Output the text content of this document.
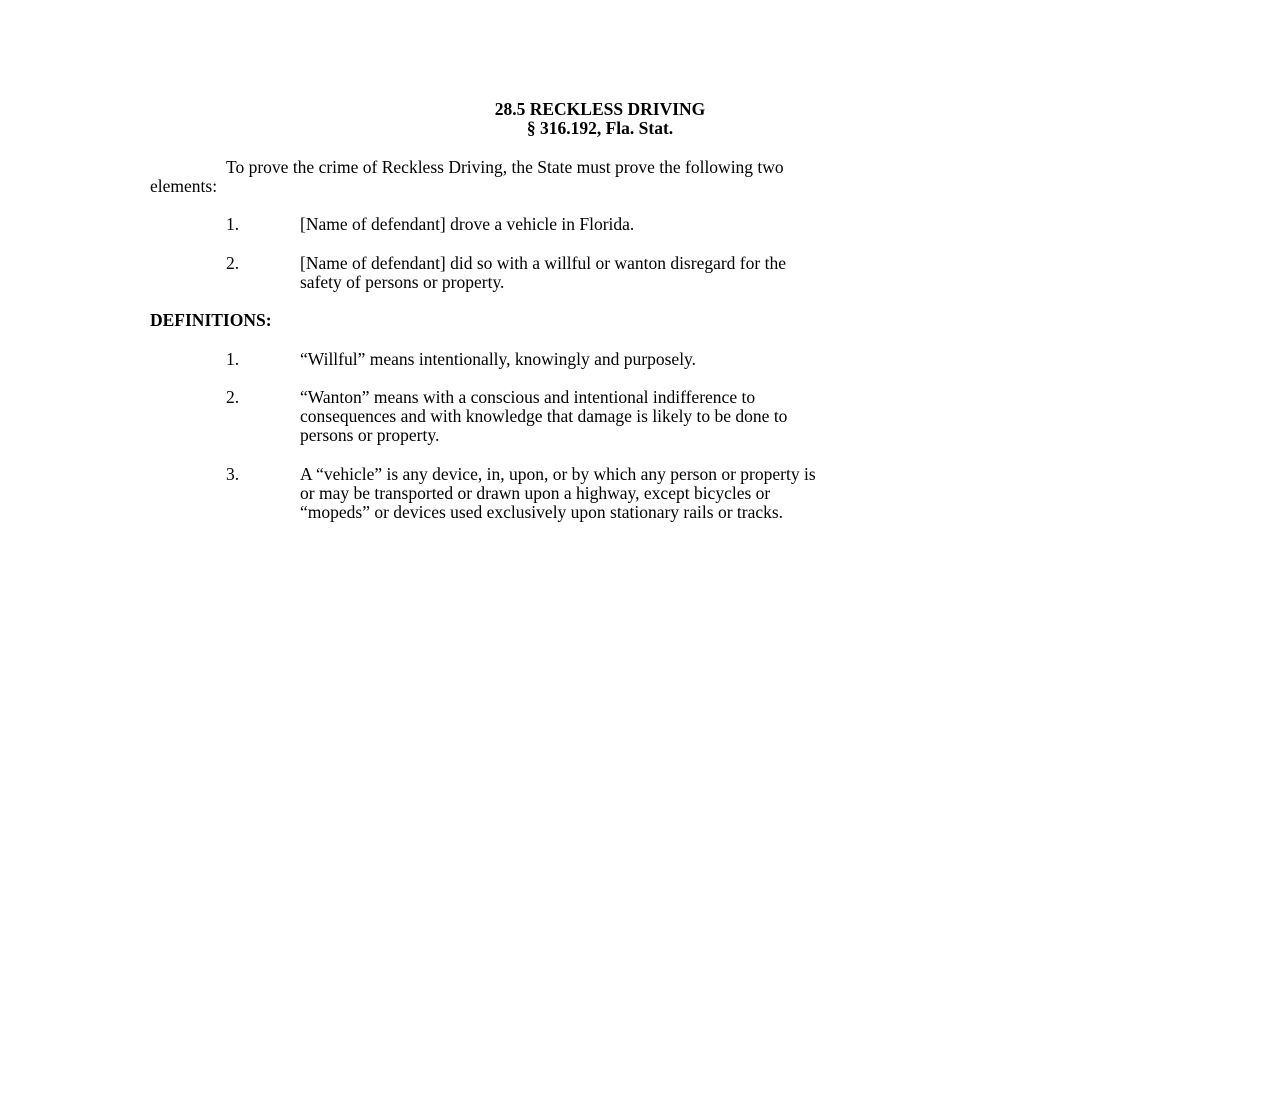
28.5 RECKLESS DRIVING
§ 316.192, Fla. Stat.
To prove the crime of Reckless Driving, the State must prove the following two
elements:
1.	[Name of defendant] drove a vehicle in Florida.
2.	[Name of defendant] did so with a willful or wanton disregard for the
safety of persons or property.
DEFINITIONS:
1.	“Willful” means intentionally, knowingly and purposely.
2.	“Wanton” means with a conscious and intentional indifference to
consequences and with knowledge that damage is likely to be done to
persons or property.
3.	A “vehicle” is any device, in, upon, or by which any person or property is
or may be transported or drawn upon a highway, except bicycles or
“mopeds” or devices used exclusively upon stationary rails or tracks.
